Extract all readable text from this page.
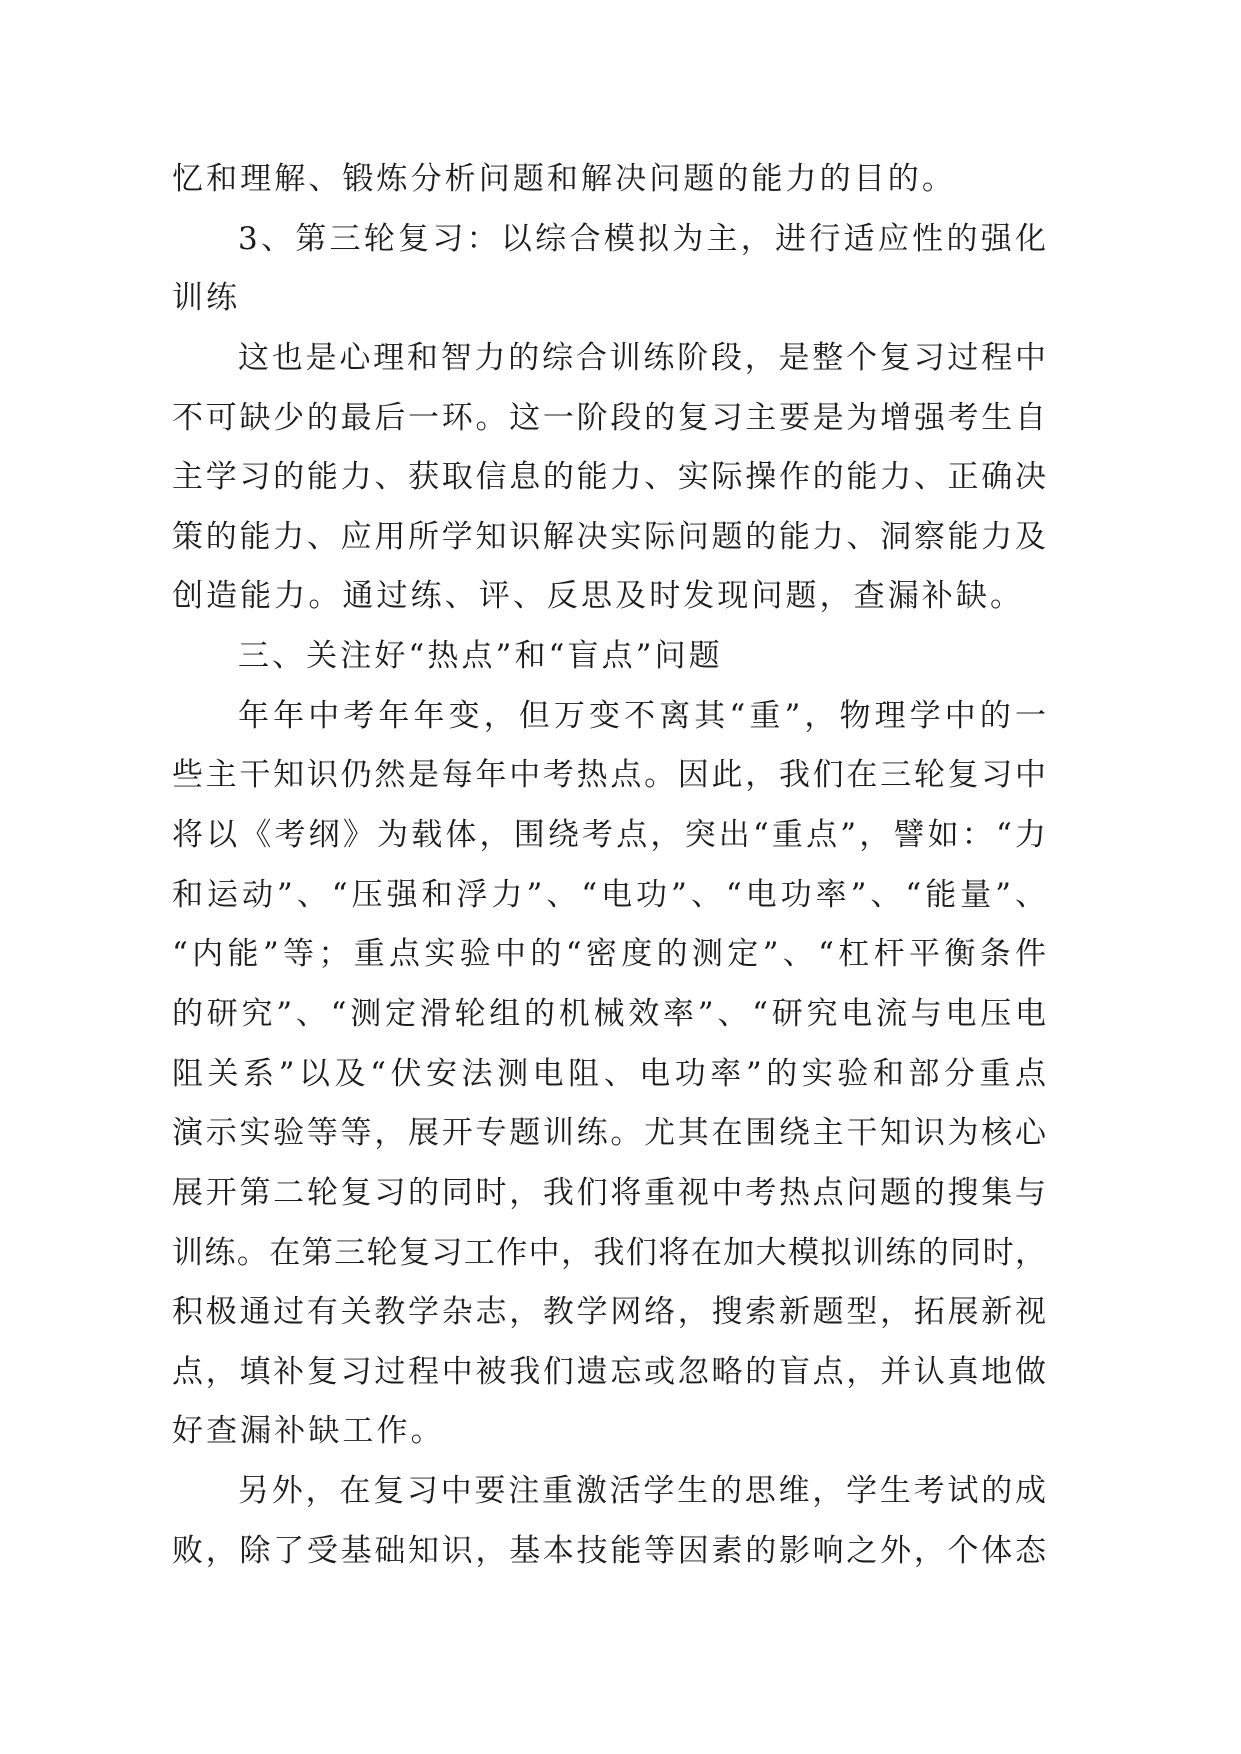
忆和理解、锻炼分析问题和解决问题的能力的目的。
3、第三轮复习：以综合模拟为主，进行适应性的强化
训练
这也是心理和智力的综合训练阶段，是整个复习过程中
不可缺少的最后一环。这一阶段的复习主要是为增强考生自
主学习的能力、获取信息的能力、实际操作的能力、正确决
策的能力、应用所学知识解决实际问题的能力、洞察能力及
创造能力。通过练、评、反思及时发现问题，查漏补缺。
三、关注好“热点”和“盲点”问题
年年中考年年变，但万变不离其“重”，物理学中的一
些主干知识仍然是每年中考热点。因此，我们在三轮复习中
将以《考纲》为载体，围绕考点，突出“重点”，譬如：“力
和运动”、“压强和浮力”、“电功”、“电功率”、“能量”、
“内能”等；重点实验中的“密度的测定”、“杠杆平衡条件
的研究”、“测定滑轮组的机械效率”、“研究电流与电压电
阻关系”以及“伏安法测电阻、电功率”的实验和部分重点
演示实验等等，展开专题训练。尤其在围绕主干知识为核心
展开第二轮复习的同时，我们将重视中考热点问题的搜集与
训练。在第三轮复习工作中，我们将在加大模拟训练的同时，
积极通过有关教学杂志，教学网络，搜索新题型，拓展新视
点，填补复习过程中被我们遗忘或忽略的盲点，并认真地做
好查漏补缺工作。
另外，在复习中要注重激活学生的思维，学生考试的成
败，除了受基础知识，基本技能等因素的影响之外，个体态
